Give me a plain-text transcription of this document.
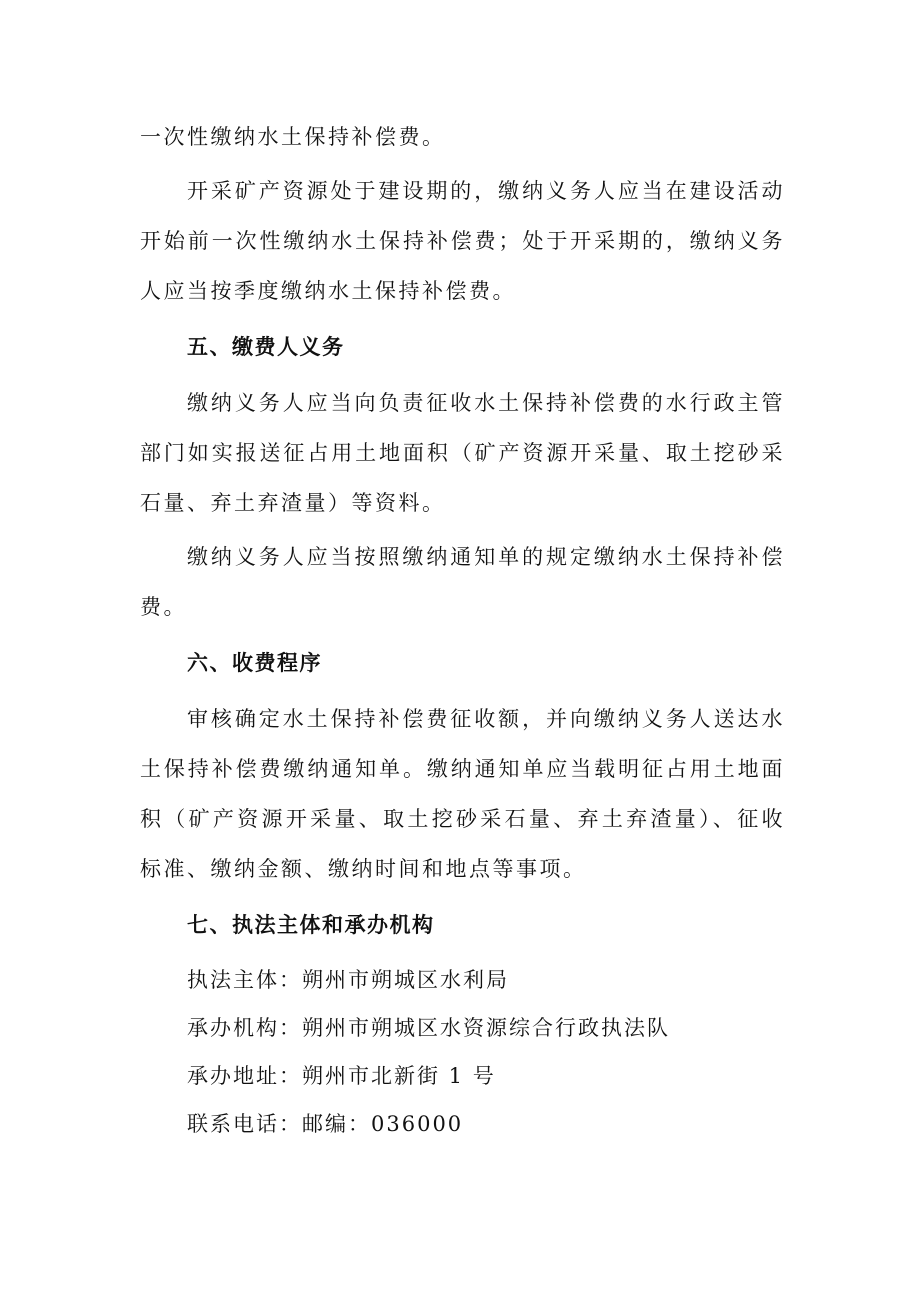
一次性缴纳水土保持补偿费。

开采矿产资源处于建设期的，缴纳义务人应当在建设活动开始前一次性缴纳水土保持补偿费；处于开采期的，缴纳义务人应当按季度缴纳水土保持补偿费。

五、缴费人义务

缴纳义务人应当向负责征收水土保持补偿费的水行政主管部门如实报送征占用土地面积（矿产资源开采量、取土挖砂采石量、弃土弃渣量）等资料。

缴纳义务人应当按照缴纳通知单的规定缴纳水土保持补偿费。

六、收费程序

审核确定水土保持补偿费征收额，并向缴纳义务人送达水土保持补偿费缴纳通知单。缴纳通知单应当载明征占用土地面积（矿产资源开采量、取土挖砂采石量、弃土弃渣量）、征收标准、缴纳金额、缴纳时间和地点等事项。

七、执法主体和承办机构

执法主体：朔州市朔城区水利局

承办机构：朔州市朔城区水资源综合行政执法队

承办地址：朔州市北新街 1 号

联系电话：邮编：036000
